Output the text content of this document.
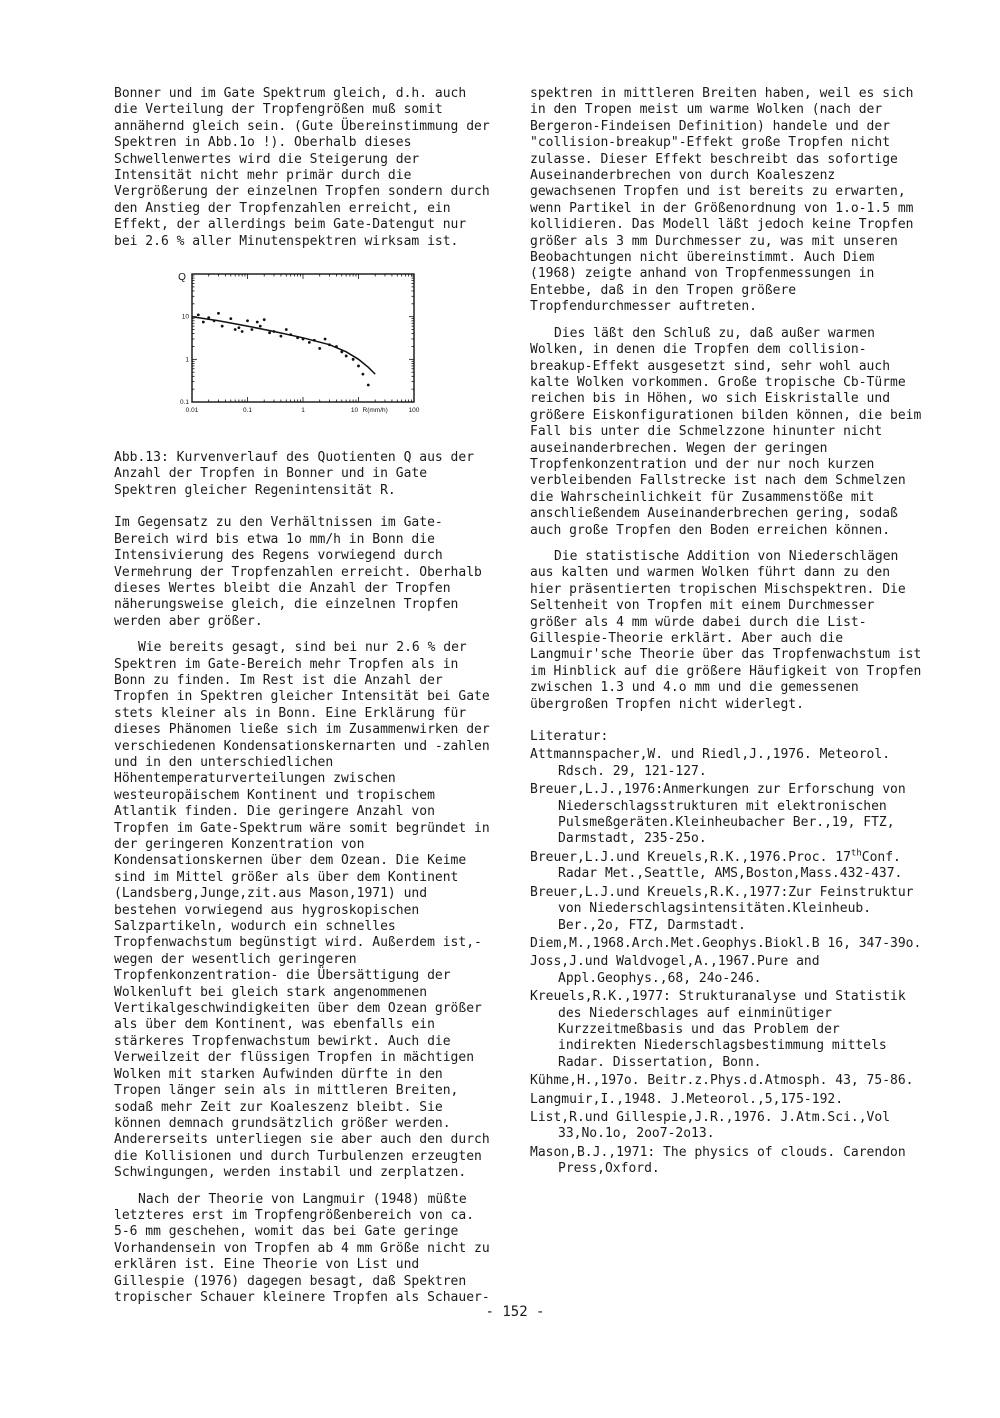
Bonner und im Gate Spektrum gleich, d.h. auch die Verteilung der Tropfengrößen muß somit annähernd gleich sein. (Gute Übereinstimmung der Spektren in Abb.1o !). Oberhalb dieses Schwellenwertes wird die Steigerung der Intensität nicht mehr primär durch die Vergrößerung der einzelnen Tropfen sondern durch den Anstieg der Tropfenzahlen erreicht, ein Effekt, der allerdings beim Gate-Datengut nur bei 2.6 % aller Minutenspektren wirksam ist.

0.01	0.1	1	10	100
0.1
1
10
Q
R(mm/h)

Abb.13: Kurvenverlauf des Quotienten Q aus der Anzahl der Tropfen in Bonner und in Gate Spektren gleicher Regenintensität R.

Im Gegensatz zu den Verhältnissen im Gate-Bereich wird bis etwa 1o mm/h in Bonn die Intensivierung des Regens vorwiegend durch Vermehrung der Tropfenzahlen erreicht. Oberhalb dieses Wertes bleibt die Anzahl der Tropfen näherungsweise gleich, die einzelnen Tropfen werden aber größer.

Wie bereits gesagt, sind bei nur 2.6 % der Spektren im Gate-Bereich mehr Tropfen als in Bonn zu finden. Im Rest ist die Anzahl der Tropfen in Spektren gleicher Intensität bei Gate stets kleiner als in Bonn. Eine Erklärung für dieses Phänomen ließe sich im Zusammenwirken der verschiedenen Kondensationskernarten und -zahlen und in den unterschiedlichen Höhentemperaturverteilungen zwischen westeuropäischem Kontinent und tropischem Atlantik finden. Die geringere Anzahl von Tropfen im Gate-Spektrum wäre somit begründet in der geringeren Konzentration von Kondensationskernen über dem Ozean. Die Keime sind im Mittel größer als über dem Kontinent (Landsberg,Junge,zit.aus Mason,1971) und bestehen vorwiegend aus hygroskopischen Salzpartikeln, wodurch ein schnelles Tropfenwachstum begünstigt wird. Außerdem ist,-wegen der wesentlich geringeren Tropfenkonzentration- die Übersättigung der Wolkenluft bei gleich stark angenommenen Vertikalgeschwindigkeiten über dem Ozean größer als über dem Kontinent, was ebenfalls ein stärkeres Tropfenwachstum bewirkt. Auch die Verweilzeit der flüssigen Tropfen in mächtigen Wolken mit starken Aufwinden dürfte in den Tropen länger sein als in mittleren Breiten, sodaß mehr Zeit zur Koaleszenz bleibt. Sie können demnach grundsätzlich größer werden. Andererseits unterliegen sie aber auch den durch die Kollisionen und durch Turbulenzen erzeugten Schwingungen, werden instabil und zerplatzen.

Nach der Theorie von Langmuir (1948) müßte letzteres erst im Tropfengrößenbereich von ca. 5-6 mm geschehen, womit das bei Gate geringe Vorhandensein von Tropfen ab 4 mm Größe nicht zu erklären ist. Eine Theorie von List und Gillespie (1976) dagegen besagt, daß Spektren tropischer Schauer kleinere Tropfen als Schauer-

spektren in mittleren Breiten haben, weil es sich in den Tropen meist um warme Wolken (nach der Bergeron-Findeisen Definition) handele und der "collision-breakup"-Effekt große Tropfen nicht zulasse. Dieser Effekt beschreibt das sofortige Auseinanderbrechen von durch Koaleszenz gewachsenen Tropfen und ist bereits zu erwarten, wenn Partikel in der Größenordnung von 1.o-1.5 mm kollidieren. Das Modell läßt jedoch keine Tropfen größer als 3 mm Durchmesser zu, was mit unseren Beobachtungen nicht übereinstimmt. Auch Diem (1968) zeigte anhand von Tropfenmessungen in Entebbe, daß in den Tropen größere Tropfendurchmesser auftreten.

Dies läßt den Schluß zu, daß außer warmen Wolken, in denen die Tropfen dem collision-breakup-Effekt ausgesetzt sind, sehr wohl auch kalte Wolken vorkommen. Große tropische Cb-Türme reichen bis in Höhen, wo sich Eiskristalle und größere Eiskonfigurationen bilden können, die beim Fall bis unter die Schmelzzone hinunter nicht auseinanderbrechen. Wegen der geringen Tropfenkonzentration und der nur noch kurzen verbleibenden Fallstrecke ist nach dem Schmelzen die Wahrscheinlichkeit für Zusammenstöße mit anschließendem Auseinanderbrechen gering, sodaß auch große Tropfen den Boden erreichen können.

Die statistische Addition von Niederschlägen aus kalten und warmen Wolken führt dann zu den hier präsentierten tropischen Mischspektren. Die Seltenheit von Tropfen mit einem Durchmesser größer als 4 mm würde dabei durch die List-Gillespie-Theorie erklärt. Aber auch die Langmuir'sche Theorie über das Tropfenwachstum ist im Hinblick auf die größere Häufigkeit von Tropfen zwischen 1.3 und 4.o mm und die gemessenen übergroßen Tropfen nicht widerlegt.

Literatur:

Attmannspacher,W. und Riedl,J.,1976. Meteorol. Rdsch. 29, 121-127.

Breuer,L.J.,1976:Anmerkungen zur Erforschung von Niederschlagsstrukturen mit elektronischen Pulsmeßgeräten.Kleinheubacher Ber.,19, FTZ, Darmstadt, 235-25o.

Breuer,L.J.und Kreuels,R.K.,1976.Proc. 17thConf. Radar Met.,Seattle, AMS,Boston,Mass.432-437.

Breuer,L.J.und Kreuels,R.K.,1977:Zur Feinstruktur von Niederschlagsintensitäten.Kleinheub. Ber.,2o, FTZ, Darmstadt.

Diem,M.,1968.Arch.Met.Geophys.Biokl.B 16, 347-39o.

Joss,J.und Waldvogel,A.,1967.Pure and Appl.Geophys.,68, 24o-246.

Kreuels,R.K.,1977: Strukturanalyse und Statistik des Niederschlages auf einminütiger Kurzzeitmeßbasis und das Problem der indirekten Niederschlagsbestimmung mittels Radar. Dissertation, Bonn.

Kühme,H.,197o. Beitr.z.Phys.d.Atmosph. 43, 75-86.

Langmuir,I.,1948. J.Meteorol.,5,175-192.

List,R.und Gillespie,J.R.,1976. J.Atm.Sci.,Vol 33,No.1o, 2oo7-2o13.

Mason,B.J.,1971: The physics of clouds. Carendon Press,Oxford.

- 152 -
